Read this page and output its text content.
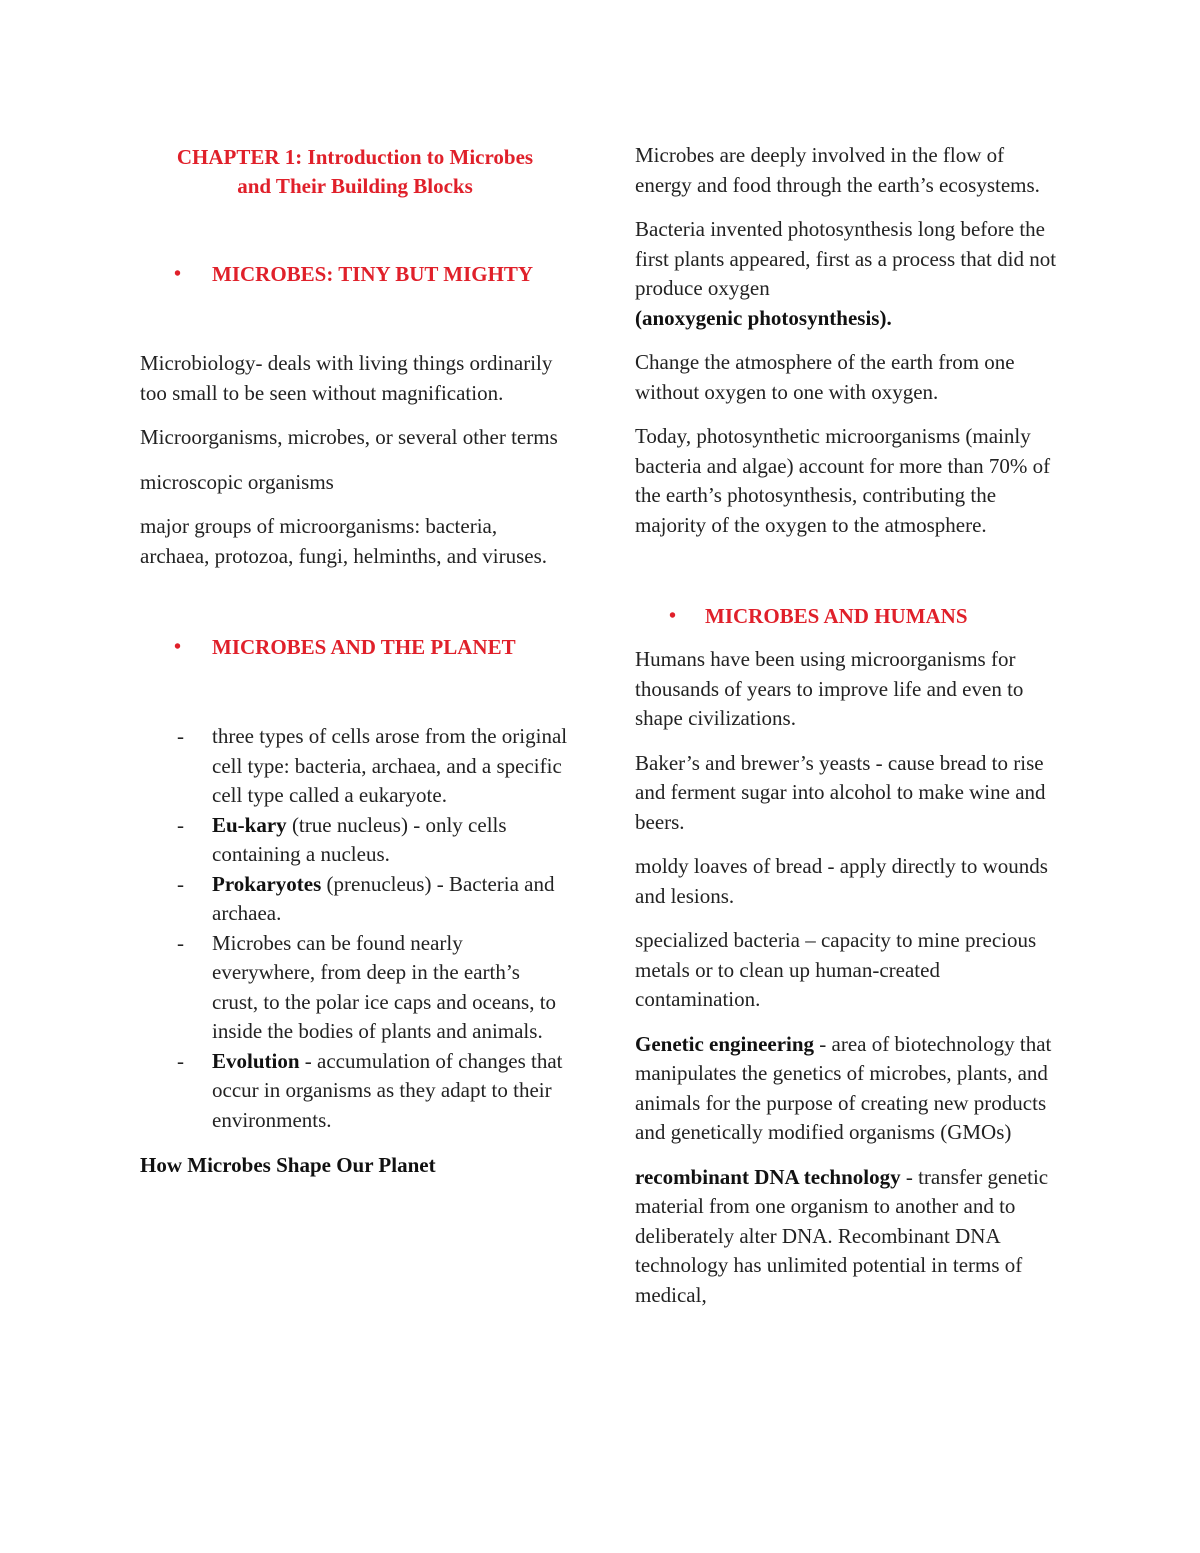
CHAPTER 1: Introduction to Microbes
and Their Building Blocks
• MICROBES: TINY BUT MIGHTY

Microbiology- deals with living things ordinarily too small to be seen without magnification.

Microorganisms, microbes, or several other terms

microscopic organisms

major groups of microorganisms: bacteria, archaea, protozoa, fungi, helminths, and viruses.

• MICROBES AND THE PLANET
- three types of cells arose from the original cell type: bacteria, archaea, and a specific cell type called a eukaryote.
- Eu-kary (true nucleus) - only cells containing a nucleus.
- Prokaryotes (prenucleus) - Bacteria and archaea.
- Microbes can be found nearly everywhere, from deep in the earth’s crust, to the polar ice caps and oceans, to inside the bodies of plants and animals.
- Evolution - accumulation of changes that occur in organisms as they adapt to their environments.

How Microbes Shape Our Planet

Microbes are deeply involved in the flow of energy and food through the earth’s ecosystems.

Bacteria invented photosynthesis long before the first plants appeared, first as a process that did not produce oxygen
(anoxygenic photosynthesis).

Change the atmosphere of the earth from one without oxygen to one with oxygen.

Today, photosynthetic microorganisms (mainly bacteria and algae) account for more than 70% of the earth’s photosynthesis, contributing the majority of the oxygen to the atmosphere.

• MICROBES AND HUMANS

Humans have been using microorganisms for thousands of years to improve life and even to shape civilizations.

Baker’s and brewer’s yeasts - cause bread to rise and ferment sugar into alcohol to make wine and beers.

moldy loaves of bread - apply directly to wounds and lesions.

specialized bacteria – capacity to mine precious metals or to clean up human-created contamination.

Genetic engineering - area of biotechnology that manipulates the genetics of microbes, plants, and animals for the purpose of creating new products and genetically modified organisms (GMOs)

recombinant DNA technology - transfer genetic material from one organism to another and to deliberately alter DNA. Recombinant DNA technology has unlimited potential in terms of medical,
